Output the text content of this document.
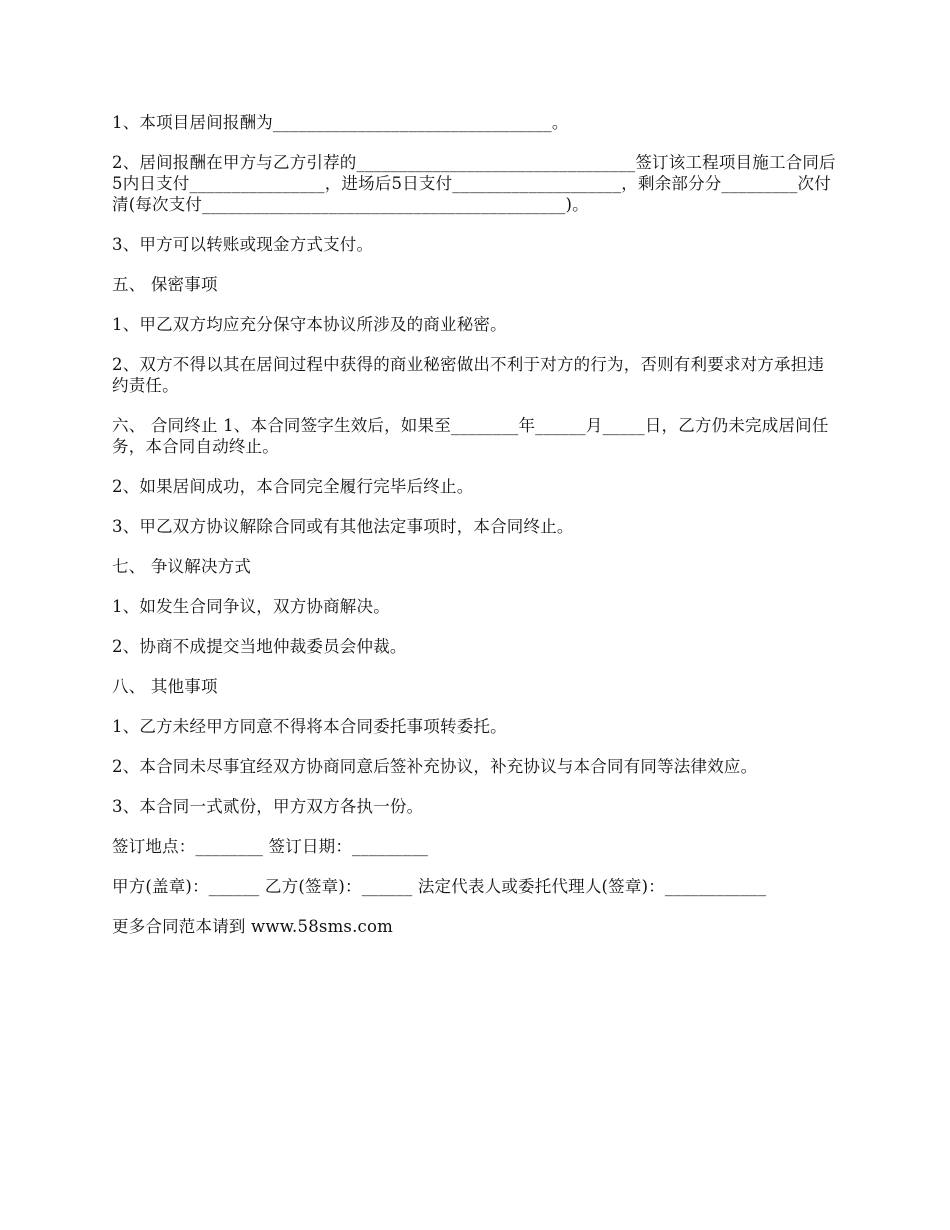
1、本项目居间报酬为_________________________________。

2、居间报酬在甲方与乙方引荐的_________________________________签订该工程项目施工合同后5内日支付________________，进场后5日支付____________________，剩余部分分_________次付清(每次支付___________________________________________)。

3、甲方可以转账或现金方式支付。

五、 保密事项

1、甲乙双方均应充分保守本协议所涉及的商业秘密。

2、双方不得以其在居间过程中获得的商业秘密做出不利于对方的行为，否则有利要求对方承担违约责任。

六、 合同终止 1、本合同签字生效后，如果至________年______月_____日，乙方仍未完成居间任务，本合同自动终止。

2、如果居间成功，本合同完全履行完毕后终止。

3、甲乙双方协议解除合同或有其他法定事项时，本合同终止。

七、 争议解决方式

1、如发生合同争议，双方协商解决。

2、协商不成提交当地仲裁委员会仲裁。

八、 其他事项

1、乙方未经甲方同意不得将本合同委托事项转委托。

2、本合同未尽事宜经双方协商同意后签补充协议，补充协议与本合同有同等法律效应。

3、本合同一式贰份，甲方双方各执一份。

签订地点：________ 签订日期：_________

甲方(盖章)：______ 乙方(签章)：______ 法定代表人或委托代理人(签章)：____________

更多合同范本请到 www.58sms.com
